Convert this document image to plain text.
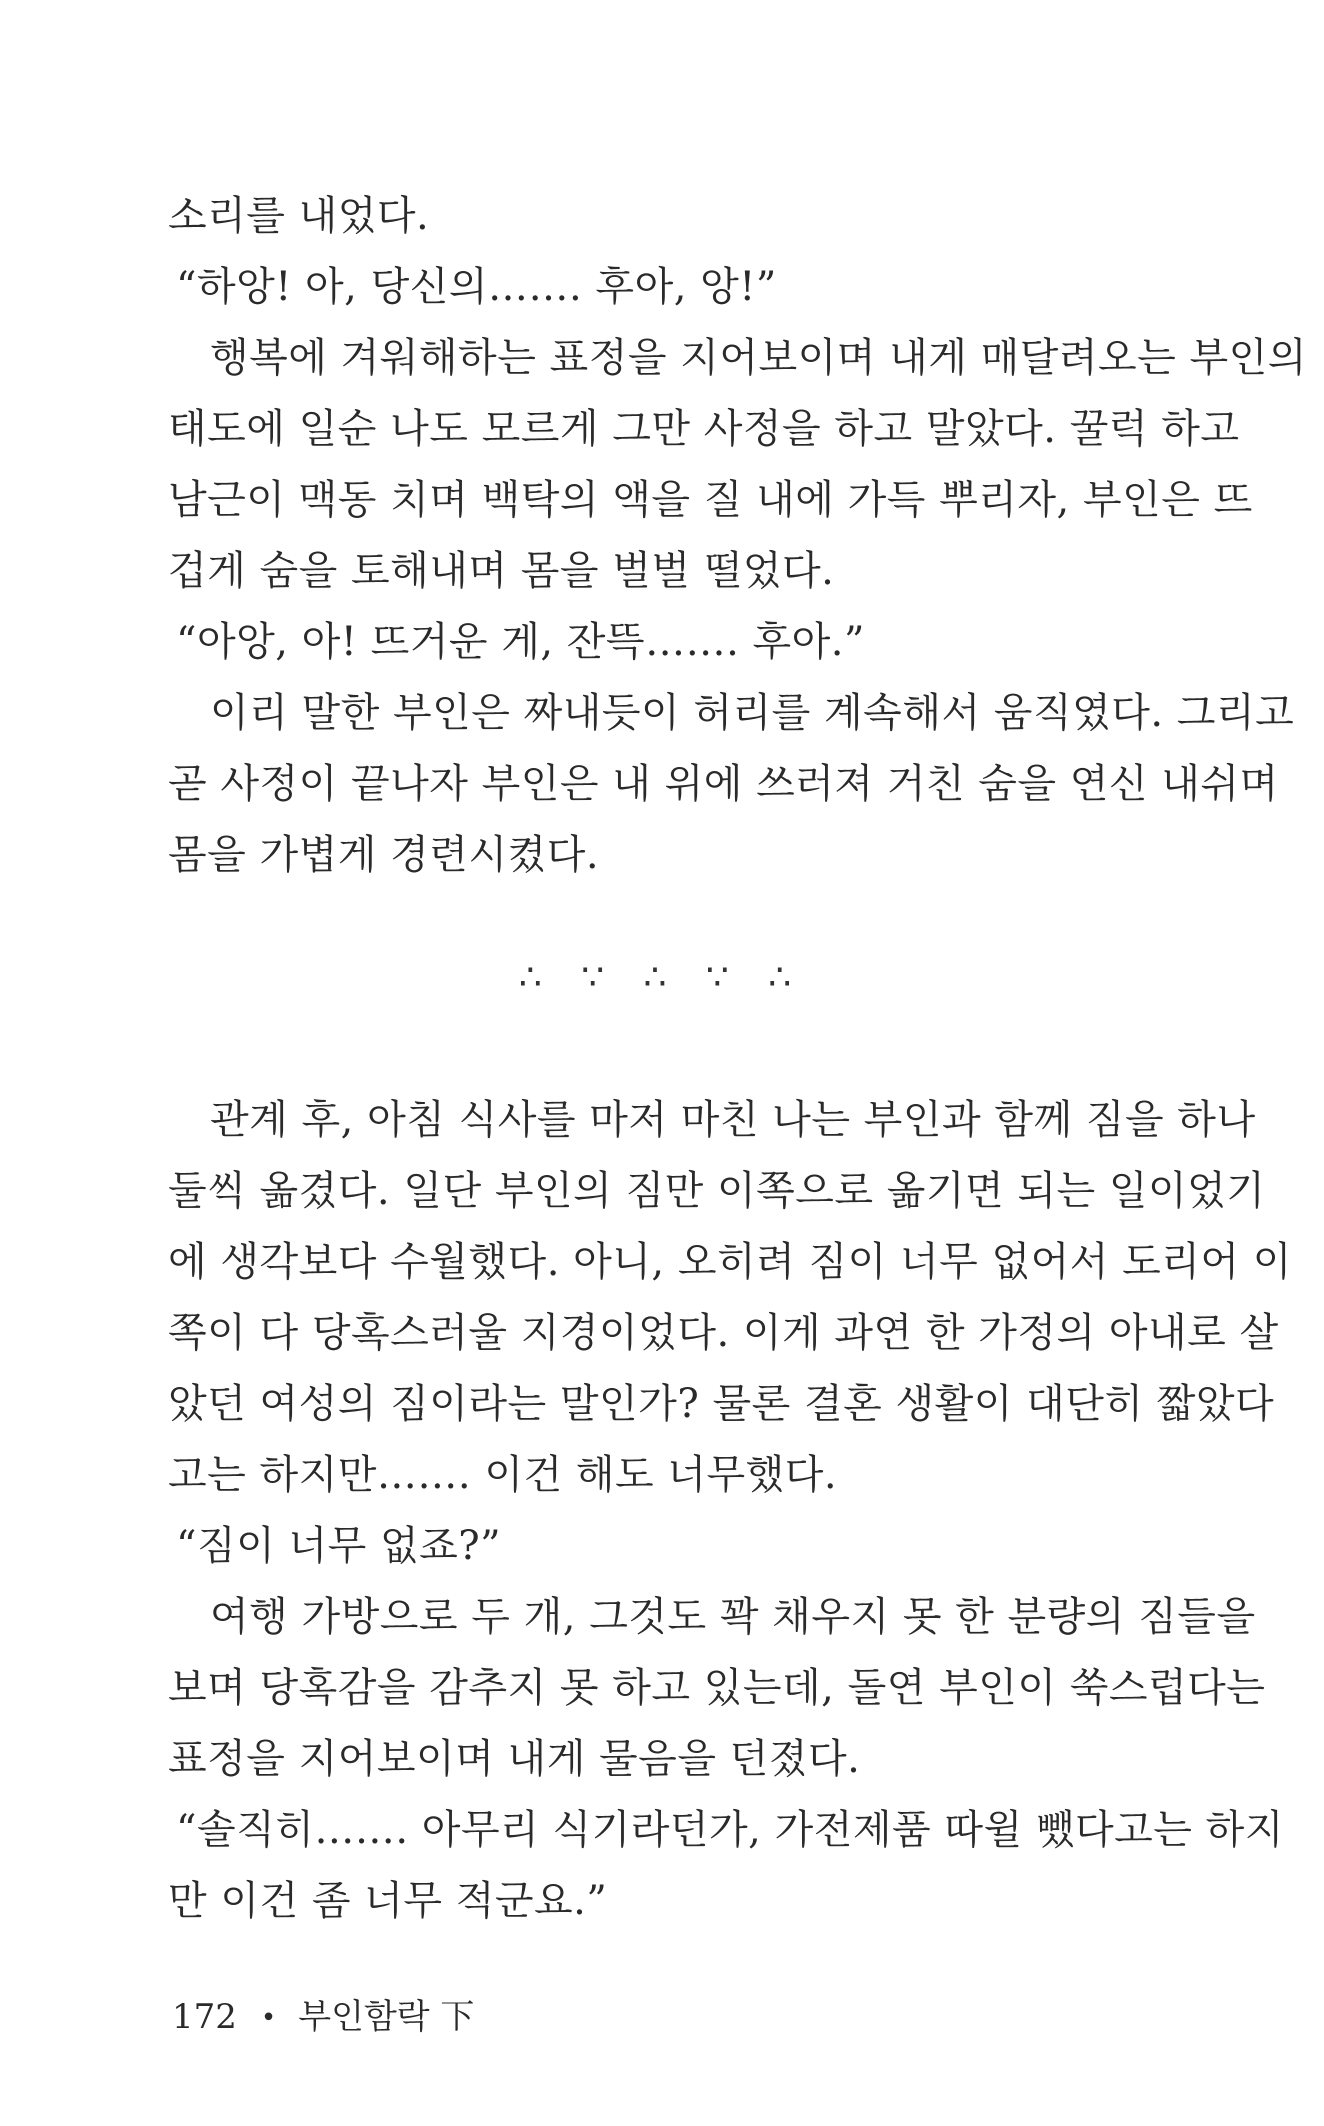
소리를 내었다.
“하앙! 아, 당신의……. 후아, 앙!”
행복에 겨워해하는 표정을 지어보이며 내게 매달려오는 부인의
태도에 일순 나도 모르게 그만 사정을 하고 말았다. 꿀럭 하고
남근이 맥동 치며 백탁의 액을 질 내에 가득 뿌리자, 부인은 뜨
겁게 숨을 토해내며 몸을 벌벌 떨었다.
“아앙, 아! 뜨거운 게, 잔뜩……. 후아.”
이리 말한 부인은 짜내듯이 허리를 계속해서 움직였다. 그리고
곧 사정이 끝나자 부인은 내 위에 쓰러져 거친 숨을 연신 내쉬며
몸을 가볍게 경련시켰다.
∴ ∵ ∴ ∵ ∴
관계 후, 아침 식사를 마저 마친 나는 부인과 함께 짐을 하나
둘씩 옮겼다. 일단 부인의 짐만 이쪽으로 옮기면 되는 일이었기
에 생각보다 수월했다. 아니, 오히려 짐이 너무 없어서 도리어 이
쪽이 다 당혹스러울 지경이었다. 이게 과연 한 가정의 아내로 살
았던 여성의 짐이라는 말인가? 물론 결혼 생활이 대단히 짧았다
고는 하지만……. 이건 해도 너무했다.
“짐이 너무 없죠?”
여행 가방으로 두 개, 그것도 꽉 채우지 못 한 분량의 짐들을
보며 당혹감을 감추지 못 하고 있는데, 돌연 부인이 쑥스럽다는
표정을 지어보이며 내게 물음을 던졌다.
“솔직히……. 아무리 식기라던가, 가전제품 따윌 뺐다고는 하지
만 이건 좀 너무 적군요.”
172 • 부인함락 下
